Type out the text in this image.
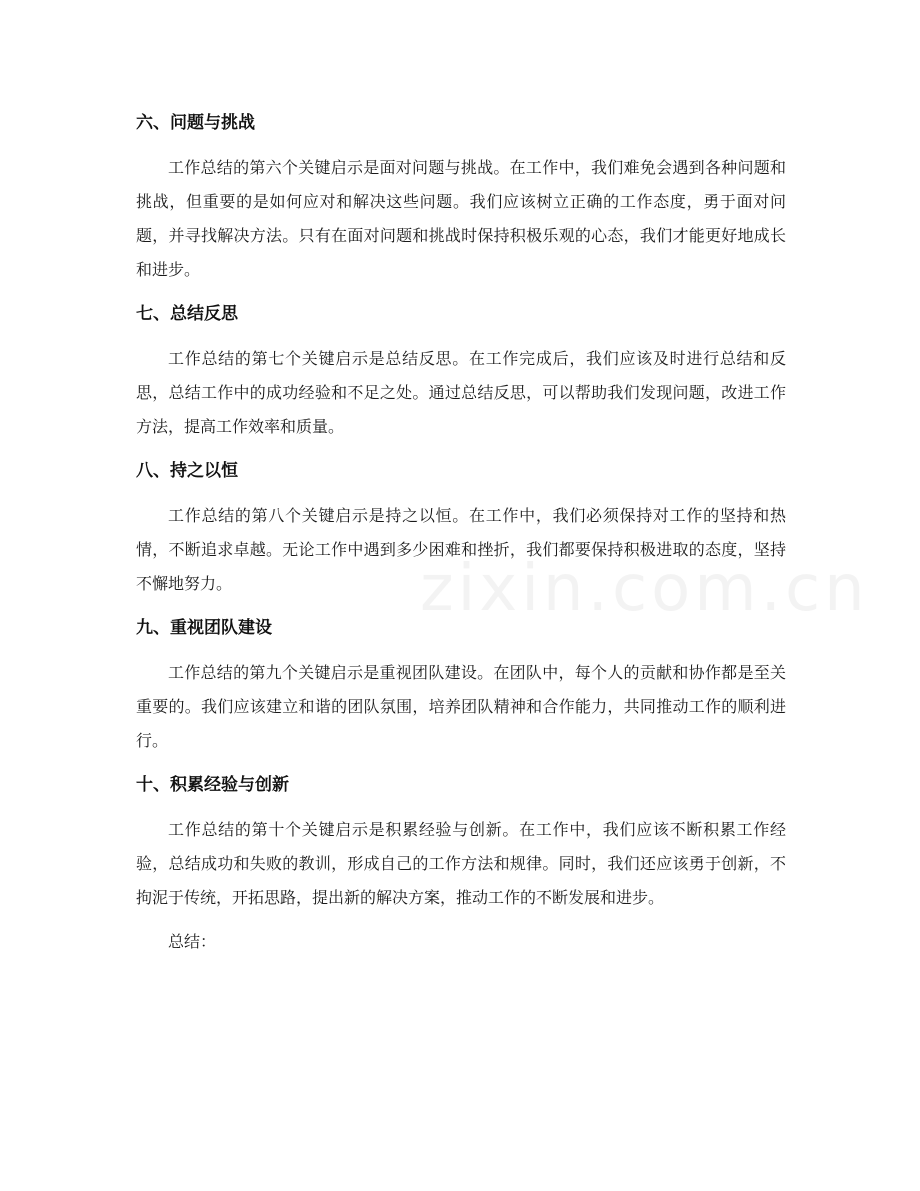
六、问题与挑战

工作总结的第六个关键启示是面对问题与挑战。在工作中，我们难免会遇到各种问题和挑战，但重要的是如何应对和解决这些问题。我们应该树立正确的工作态度，勇于面对问题，并寻找解决方法。只有在面对问题和挑战时保持积极乐观的心态，我们才能更好地成长和进步。

七、总结反思

工作总结的第七个关键启示是总结反思。在工作完成后，我们应该及时进行总结和反思，总结工作中的成功经验和不足之处。通过总结反思，可以帮助我们发现问题，改进工作方法，提高工作效率和质量。

八、持之以恒

工作总结的第八个关键启示是持之以恒。在工作中，我们必须保持对工作的坚持和热情，不断追求卓越。无论工作中遇到多少困难和挫折，我们都要保持积极进取的态度，坚持不懈地努力。

九、重视团队建设

工作总结的第九个关键启示是重视团队建设。在团队中，每个人的贡献和协作都是至关重要的。我们应该建立和谐的团队氛围，培养团队精神和合作能力，共同推动工作的顺利进行。

十、积累经验与创新

工作总结的第十个关键启示是积累经验与创新。在工作中，我们应该不断积累工作经验，总结成功和失败的教训，形成自己的工作方法和规律。同时，我们还应该勇于创新，不拘泥于传统，开拓思路，提出新的解决方案，推动工作的不断发展和进步。

总结：

zixin.com.cn
